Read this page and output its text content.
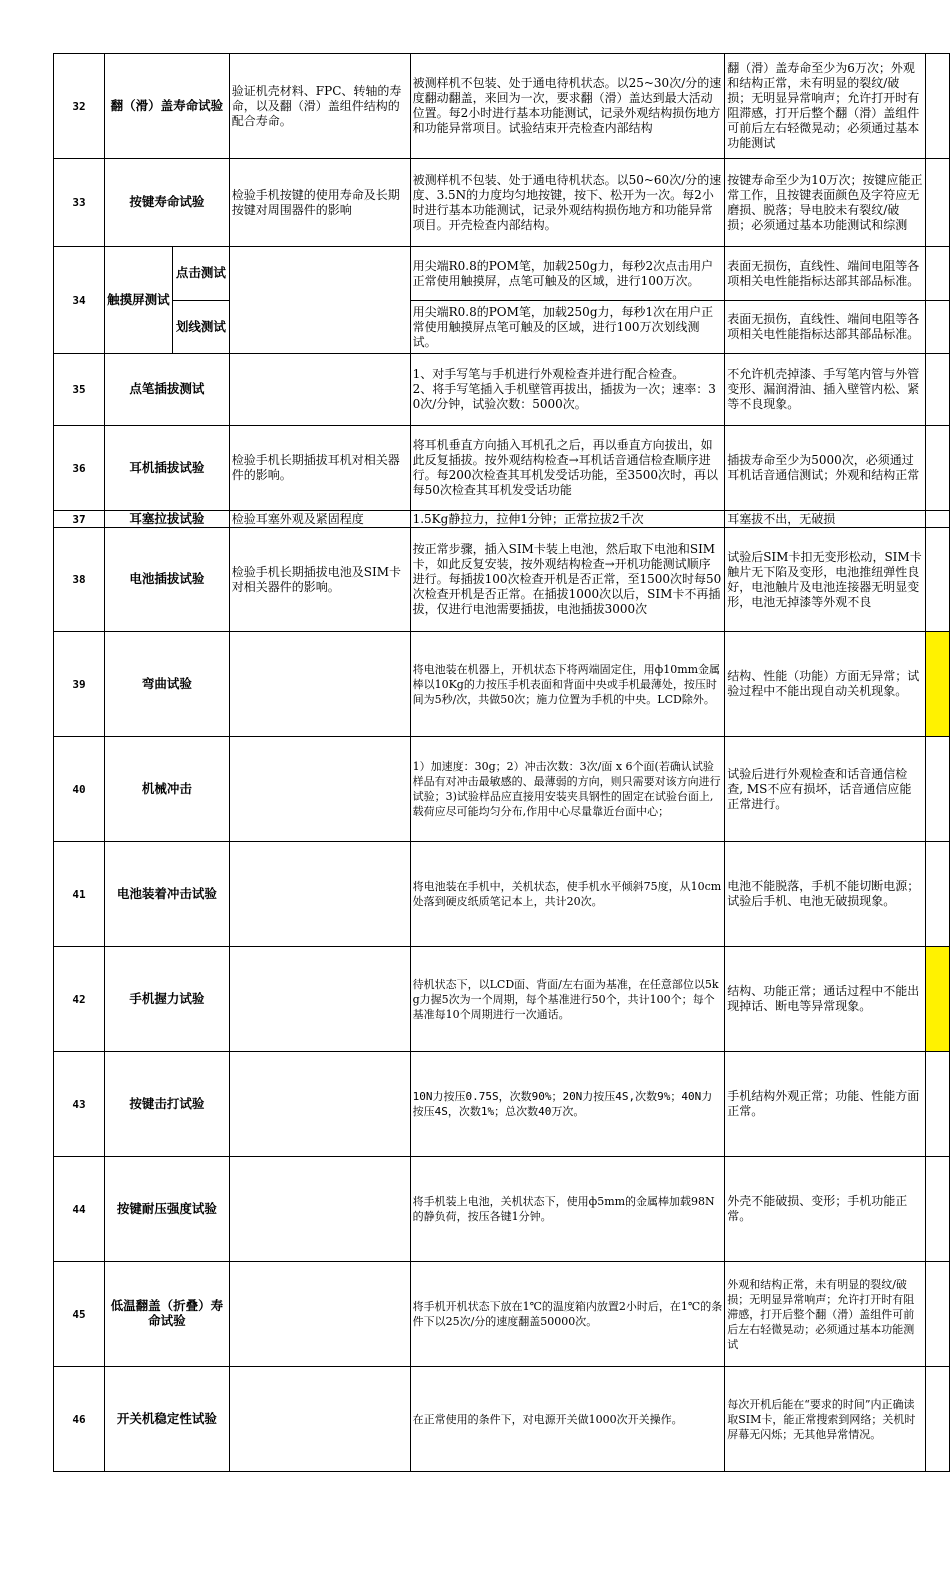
32	翻（滑）盖寿命试验		验证机壳材料、FPC、转轴的寿命，以及翻（滑）盖组件结构的配合寿命。	被测样机不包装、处于通电待机状态。以25~30次/分的速度翻动翻盖，来回为一次，要求翻（滑）盖达到最大活动位置。每2小时进行基本功能测试，记录外观结构损伤地方和功能异常项目。试验结束开壳检查内部结构	翻（滑）盖寿命至少为6万次；外观和结构正常，未有明显的裂纹/破损；无明显异常响声；允许打开时有阻滞感，打开后整个翻（滑）盖组件可前后左右轻微晃动；必须通过基本功能测试	
33	按键寿命试验		检验手机按键的使用寿命及长期按键对周围器件的影响	被测样机不包装、处于通电待机状态。以50~60次/分的速度、3.5N的力度均匀地按键，按下、松开为一次。每2小时进行基本功能测试，记录外观结构损伤地方和功能异常项目。开壳检查内部结构。	按键寿命至少为10万次；按键应能正常工作，且按键表面颜色及字符应无磨损、脱落；导电胶未有裂纹/破损；必须通过基本功能测试和综测	
34	触摸屏测试	点击测试		用尖端R0.8的POM笔，加载250g力，每秒2次点击用户正常使用触摸屏，点笔可触及的区域，进行100万次。	表面无损伤，直线性、端间电阻等各项相关电性能指标达部其部品标准。	
		划线测试		用尖端R0.8的POM笔，加载250g力，每秒1次在用户正常使用触摸屏点笔可触及的区域，进行100万次划线测试。	表面无损伤，直线性、端间电阻等各项相关电性能指标达部其部品标准。	
35	点笔插拔测试			1、对手写笔与手机进行外观检查并进行配合检查。
2、将手写笔插入手机壁管再拔出，插拔为一次；速率：30次/分钟，试验次数：5000次。	不允许机壳掉漆、手写笔内管与外管变形、漏润滑油、插入壁管内松、紧等不良现象。	
36	耳机插拔试验		检验手机长期插拔耳机对相关器件的影响。	将耳机垂直方向插入耳机孔之后，再以垂直方向拔出，如此反复插拔。按外观结构检查→耳机话音通信检查顺序进行。每200次检查其耳机发受话功能，至3500次时，再以每50次检查其耳机发受话功能	插拔寿命至少为5000次，必须通过耳机话音通信测试；外观和结构正常	
37	耳塞拉拔试验		检验耳塞外观及紧固程度	1.5Kg静拉力，拉伸1分钟；正常拉拔2千次	耳塞拔不出，无破损	
38	电池插拔试验		检验手机长期插拔电池及SIM卡对相关器件的影响。	按正常步骤，插入SIM卡装上电池，然后取下电池和SIM卡，如此反复安装，按外观结构检查→开机功能测试顺序进行。每插拔100次检查开机是否正常，至1500次时每50次检查开机是否正常。在插拔1000次以后，SIM卡不再插拔，仅进行电池需要插拔，电池插拔3000次	试验后SIM卡扣无变形松动，SIM卡触片无下陷及变形，电池推纽弹性良好，电池触片及电池连接器无明显变形，电池无掉漆等外观不良	
39	弯曲试验			将电池装在机器上，开机状态下将两端固定住，用ф10mm金属棒以10Kg的力按压手机表面和背面中央或手机最薄处，按压时间为5秒/次，共做50次；施力位置为手机的中央。LCD除外。	结构、性能（功能）方面无异常；试验过程中不能出现自动关机现象。	
40	机械冲击			1）加速度：30g；2）冲击次数：3次/面 x 6个面(若确认试验样品有对冲击最敏感的、最薄弱的方向，则只需要对该方向进行试验；3)试验样品应直接用安装夹具钢性的固定在试验台面上,载荷应尽可能均匀分布,作用中心尽量靠近台面中心；	试验后进行外观检查和话音通信检查, MS不应有损坏，话音通信应能正常进行。	
41	电池装着冲击试验			将电池装在手机中，关机状态，使手机水平倾斜75度，从10cm处落到硬皮纸质笔记本上，共计20次。	电池不能脱落，手机不能切断电源；试验后手机、电池无破损现象。	
42	手机握力试验			待机状态下，以LCD面、背面/左右面为基准，在任意部位以5kg力握5次为一个周期，每个基准进行50个，共计100个；每个基准每10个周期进行一次通话。	结构、功能正常；通话过程中不能出现掉话、断电等异常现象。	
43	按键击打试验			10N力按压0.75S，次数90%；20N力按压4S,次数9%；40N力按压4S，次数1%；总次数40万次。	手机结构外观正常；功能、性能方面正常。	
44	按键耐压强度试验			将手机装上电池，关机状态下，使用ф5mm的金属棒加载98N的静负荷，按压各键1分钟。	外壳不能破损、变形；手机功能正常。	
45	低温翻盖（折叠）寿命试验			将手机开机状态下放在1℃的温度箱内放置2小时后，在1℃的条件下以25次/分的速度翻盖50000次。	外观和结构正常，未有明显的裂纹/破损；无明显异常响声；允许打开时有阻滞感，打开后整个翻（滑）盖组件可前后左右轻微晃动；必须通过基本功能测试	
46	开关机稳定性试验			在正常使用的条件下，对电源开关做1000次开关操作。	每次开机后能在“要求的时间”内正确读取SIM卡，能正常搜索到网络；关机时屏幕无闪烁；无其他异常情况。	
